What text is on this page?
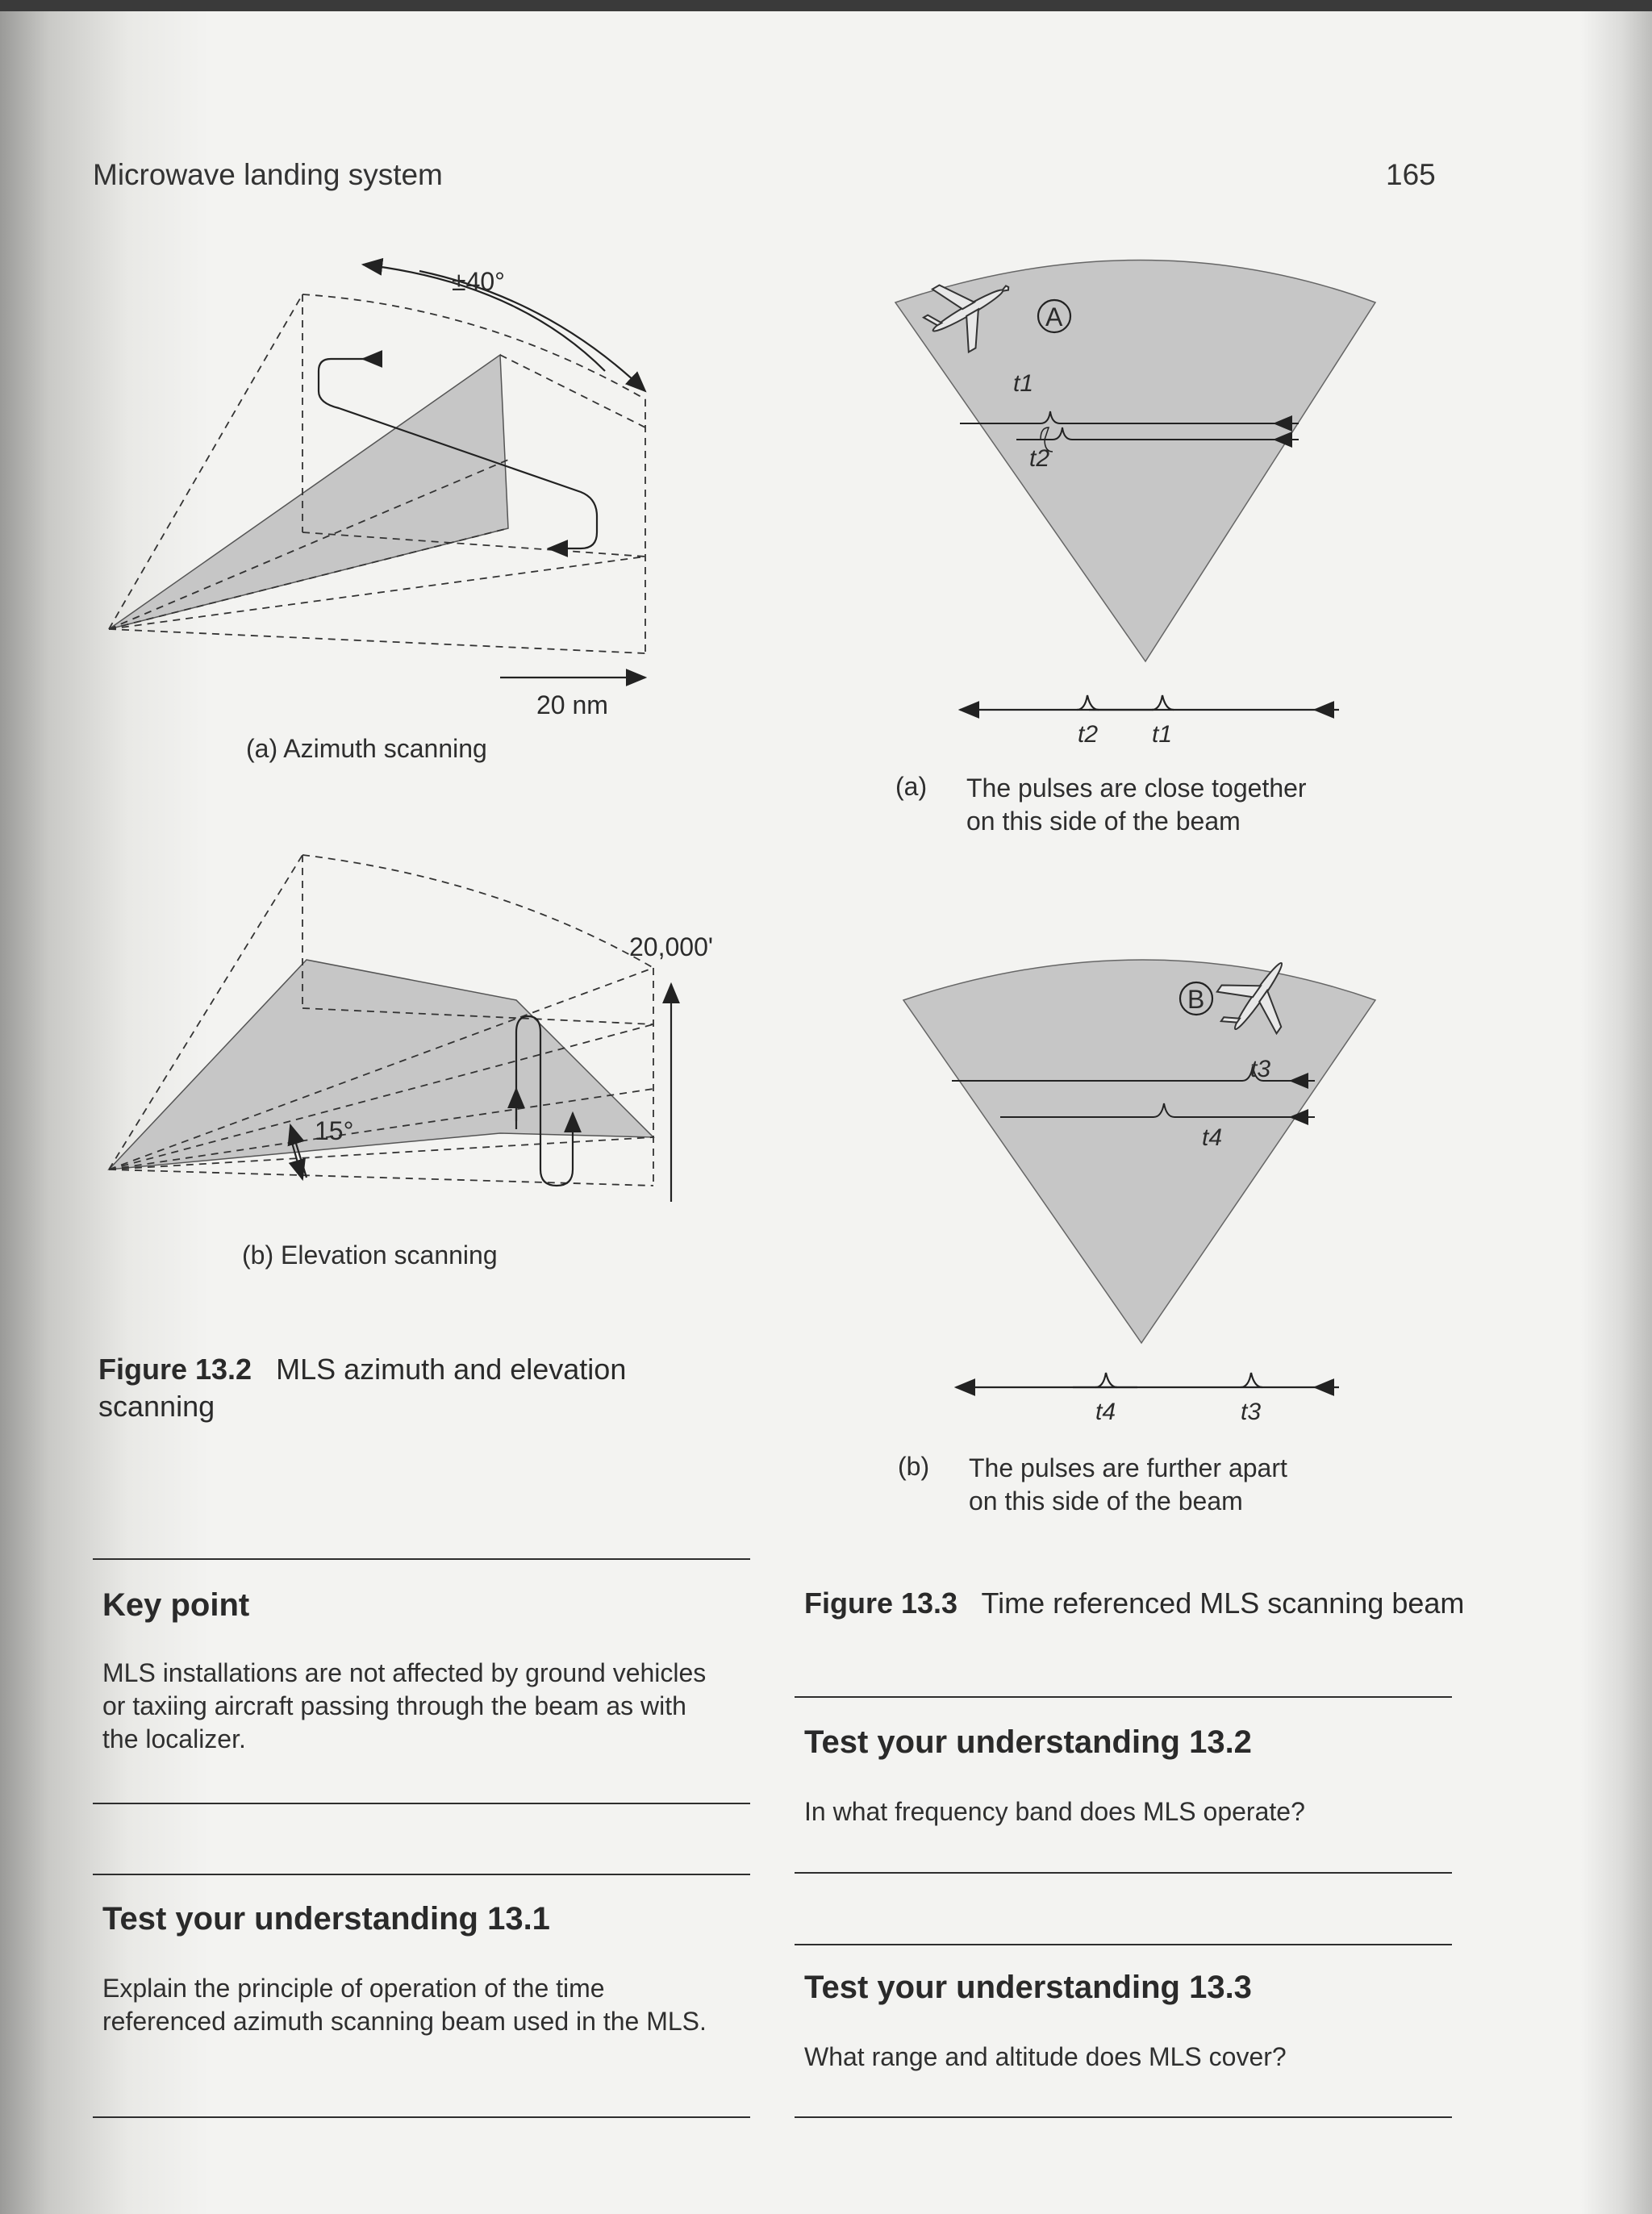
Microwave landing system	165
±40°
20 nm
(a) Azimuth scanning
20,000'
15°
(b) Elevation scanning
Figure 13.2 MLS azimuth and elevation scanning
A
t1
t2
t2 t1
(a) The pulses are close together
on this side of the beam
B
t3
t4
t4	t3
(b) The pulses are further apart
on this side of the beam
Figure 13.3 Time referenced MLS scanning beam
Key point
MLS installations are not affected by ground vehicles or taxiing aircraft passing through the beam as with the localizer.
Test your understanding 13.1
Explain the principle of operation of the time referenced azimuth scanning beam used in the MLS.
Test your understanding 13.2
In what frequency band does MLS operate?
Test your understanding 13.3
What range and altitude does MLS cover?
